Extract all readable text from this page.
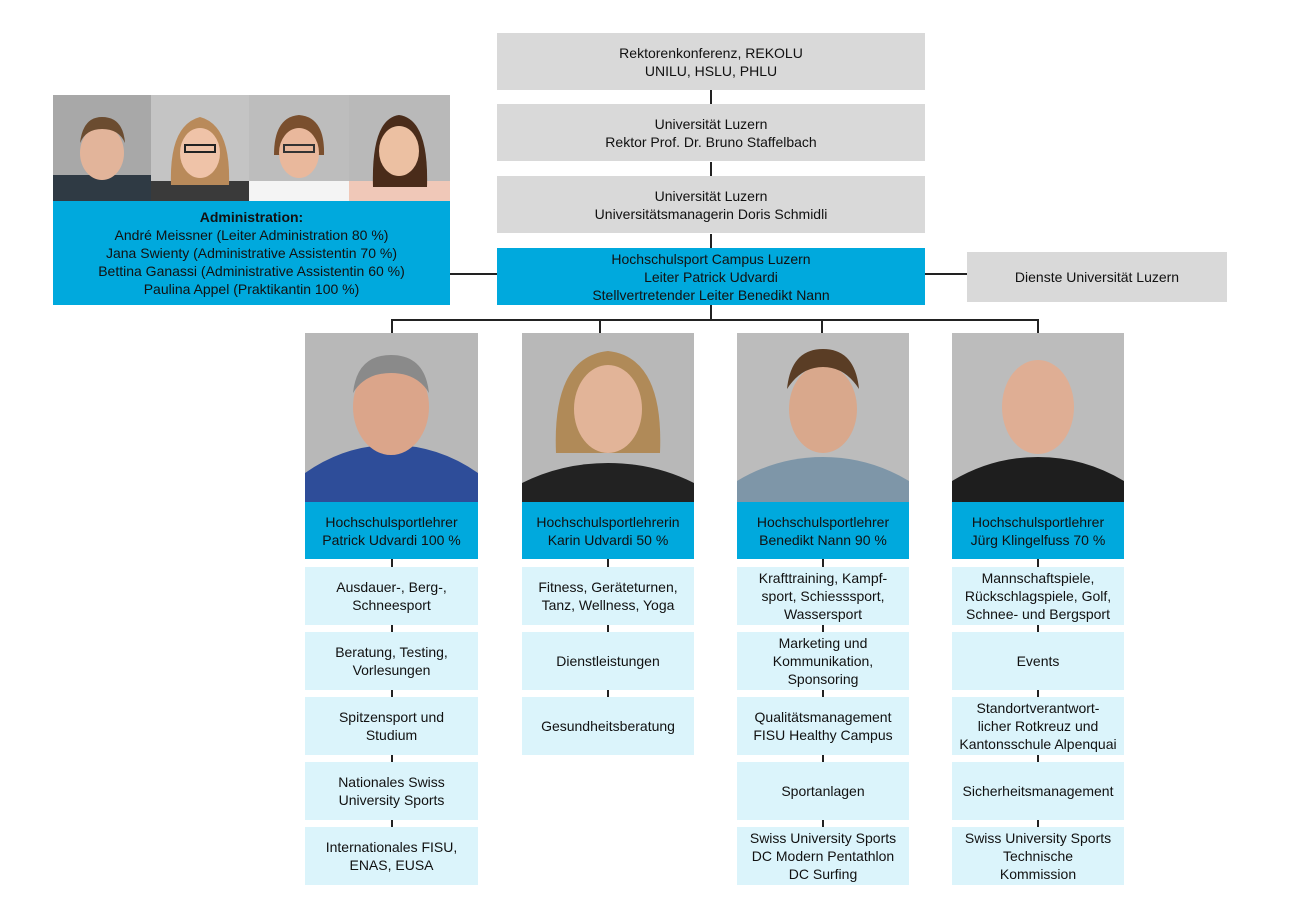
Rektorenkonferenz, REKOLU
UNILU, HSLU, PHLU
Universität Luzern
Rektor Prof. Dr. Bruno Staffelbach
Universität Luzern
Universitätsmanagerin Doris Schmidli
Hochschulsport Campus Luzern
Leiter Patrick Udvardi
Stellvertretender Leiter Benedikt Nann
Dienste Universität Luzern
Administration:
André Meissner (Leiter Administration 80 %)
Jana Swienty (Administrative Assistentin 70 %)
Bettina Ganassi (Administrative Assistentin 60 %)
Paulina Appel (Praktikantin 100 %)
Hochschulsportlehrer
Patrick Udvardi 100 %
Hochschulsportlehrerin
Karin Udvardi 50 %
Hochschulsportlehrer
Benedikt Nann 90 %
Hochschulsportlehrer
Jürg Klingelfuss 70 %
Ausdauer-, Berg-,
Schneesport
Beratung, Testing,
Vorlesungen
Spitzensport und
Studium
Nationales Swiss
University Sports
Internationales FISU,
ENAS, EUSA
Fitness, Geräteturnen,
Tanz, Wellness, Yoga
Dienstleistungen
Gesundheitsberatung
Krafttraining, Kampf-
sport, Schiesssport,
Wassersport
Marketing und
Kommunikation,
Sponsoring
Qualitätsmanagement
FISU Healthy Campus
Sportanlagen
Swiss University Sports
DC Modern Pentathlon
DC Surfing
Mannschaftspiele,
Rückschlagspiele, Golf,
Schnee- und Bergsport
Events
Standortverantwort-
licher Rotkreuz und
Kantonsschule Alpenquai
Sicherheitsmanagement
Swiss University Sports
Technische
Kommission
